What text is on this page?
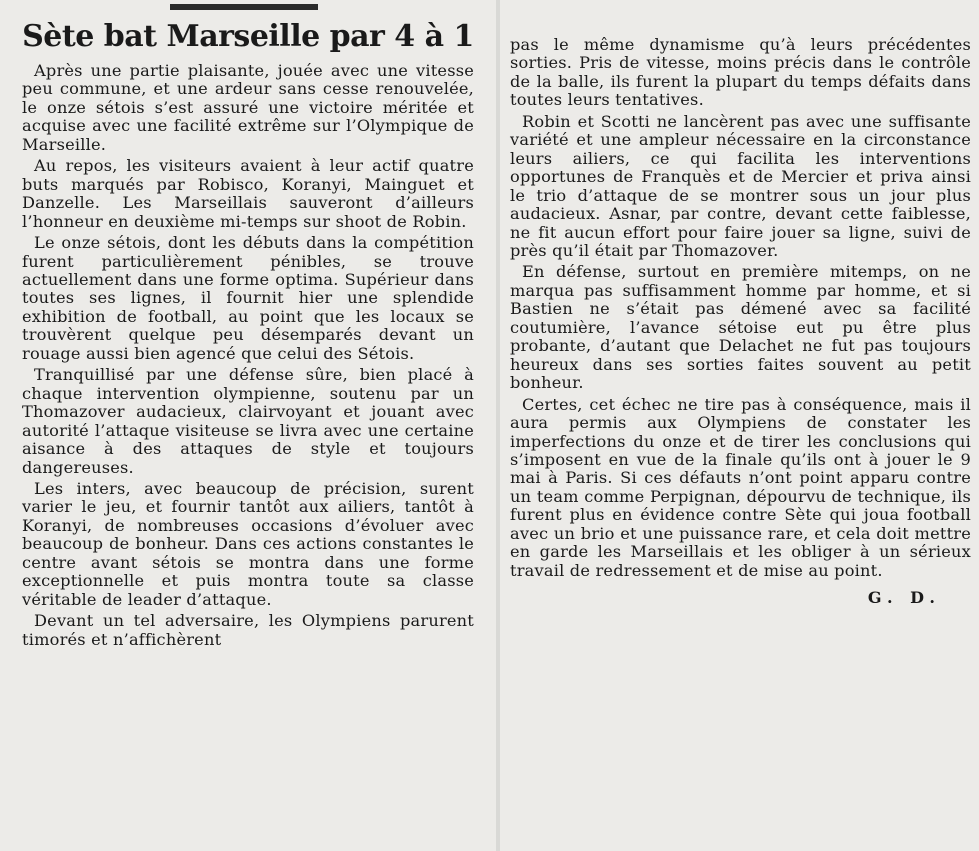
Sète bat Marseille par 4 à 1

Après une partie plaisante, jouée avec une vitesse peu commune, et une ardeur sans cesse renouvelée, le onze sétois s’est assuré une victoire méritée et acquise avec une facilité extrême sur l’Olympique de Marseille.

Au repos, les visiteurs avaient à leur actif quatre buts marqués par Robisco, Koranyi, Mainguet et Danzelle. Les Marseillais sauveront d’ailleurs l’honneur en deuxième mi-temps sur shoot de Robin.

Le onze sétois, dont les débuts dans la compétition furent particulièrement pénibles, se trouve actuellement dans une forme optima. Supérieur dans toutes ses lignes, il fournit hier une splendide exhibition de football, au point que les locaux se trouvèrent quelque peu désemparés devant un rouage aussi bien agencé que celui des Sétois.

Tranquillisé par une défense sûre, bien placé à chaque intervention olympienne, soutenu par un Thomazover audacieux, clairvoyant et jouant avec autorité l’attaque visiteuse se livra avec une certaine aisance à des attaques de style et toujours dangereuses.

Les inters, avec beaucoup de précision, surent varier le jeu, et fournir tantôt aux ailiers, tantôt à Koranyi, de nombreuses occasions d’évoluer avec beaucoup de bonheur. Dans ces actions constantes le centre avant sétois se montra dans une forme exceptionnelle et puis montra toute sa classe véritable de leader d’attaque.

Devant un tel adversaire, les Olympiens parurent timorés et n’affichèrent

pas le même dynamisme qu’à leurs précédentes sorties. Pris de vitesse, moins précis dans le contrôle de la balle, ils furent la plupart du temps défaits dans toutes leurs tentatives.

Robin et Scotti ne lancèrent pas avec une suffisante variété et une ampleur nécessaire en la circonstance leurs ailiers, ce qui facilita les interventions opportunes de Franquès et de Mercier et priva ainsi le trio d’attaque de se montrer sous un jour plus audacieux. Asnar, par contre, devant cette faiblesse, ne fit aucun effort pour faire jouer sa ligne, suivi de près qu’il était par Thomazover.

En défense, surtout en première mitemps, on ne marqua pas suffisamment homme par homme, et si Bastien ne s’était pas démené avec sa facilité coutumière, l’avance sétoise eut pu être plus probante, d’autant que Delachet ne fut pas toujours heureux dans ses sorties faites souvent au petit bonheur.

Certes, cet échec ne tire pas à conséquence, mais il aura permis aux Olympiens de constater les imperfections du onze et de tirer les conclusions qui s’imposent en vue de la finale qu’ils ont à jouer le 9 mai à Paris. Si ces défauts n’ont point apparu contre un team comme Perpignan, dépourvu de technique, ils furent plus en évidence contre Sète qui joua football avec un brio et une puissance rare, et cela doit mettre en garde les Marseillais et les obliger à un sérieux travail de redressement et de mise au point.

G. D.
